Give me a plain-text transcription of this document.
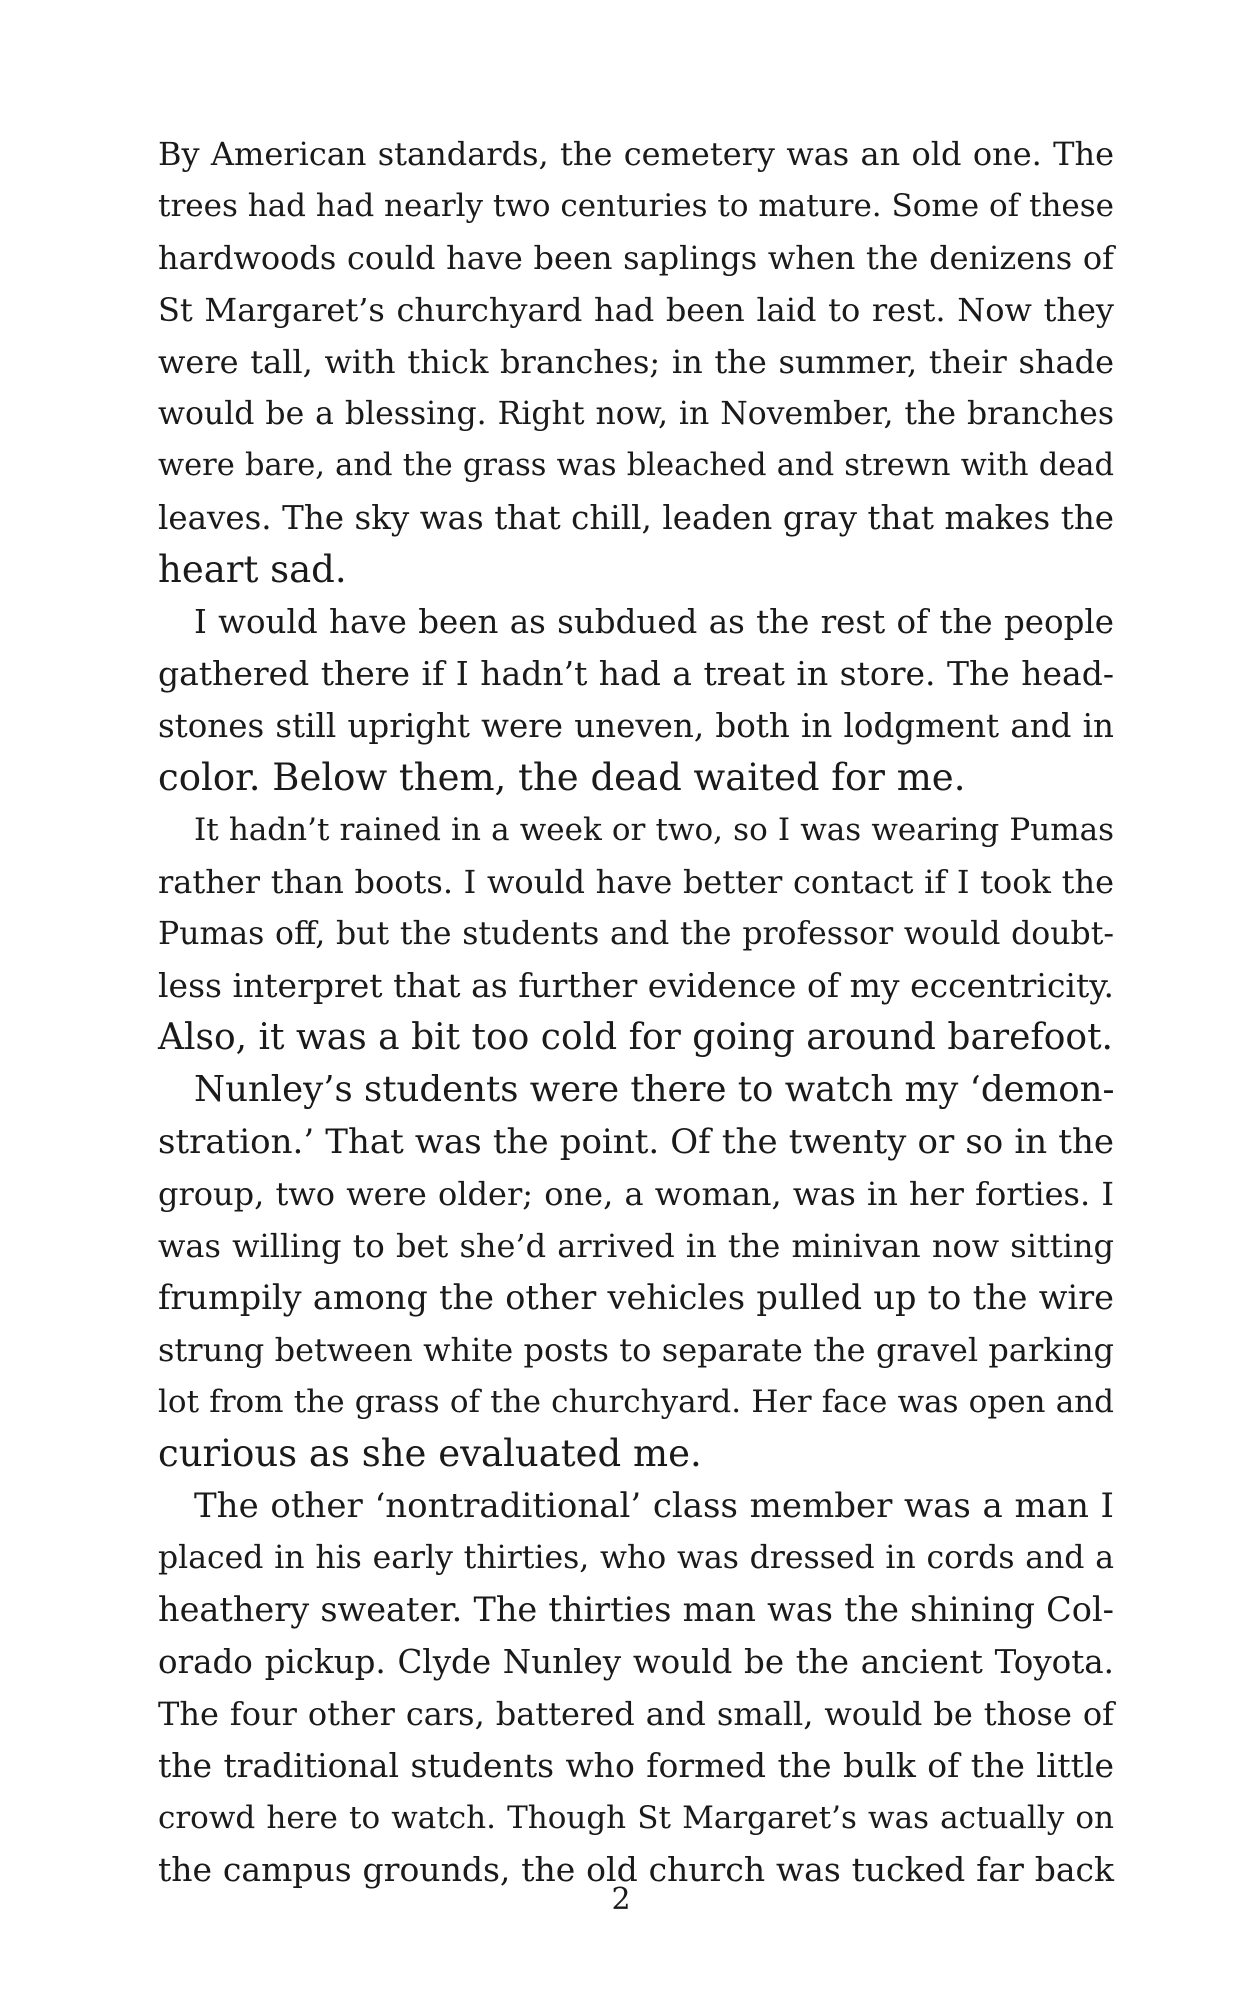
By American standards, the cemetery was an old one. The
trees had had nearly two centuries to mature. Some of these
hardwoods could have been saplings when the denizens of
St Margaret’s churchyard had been laid to rest. Now they
were tall, with thick branches; in the summer, their shade
would be a blessing. Right now, in November, the branches
were bare, and the grass was bleached and strewn with dead
leaves. The sky was that chill, leaden gray that makes the
heart sad.
I would have been as subdued as the rest of the people
gathered there if I hadn’t had a treat in store. The head-
stones still upright were uneven, both in lodgment and in
color. Below them, the dead waited for me.
It hadn’t rained in a week or two, so I was wearing Pumas
rather than boots. I would have better contact if I took the
Pumas off, but the students and the professor would doubt-
less interpret that as further evidence of my eccentricity.
Also, it was a bit too cold for going around barefoot.
Nunley’s students were there to watch my ‘demon-
stration.’ That was the point. Of the twenty or so in the
group, two were older; one, a woman, was in her forties. I
was willing to bet she’d arrived in the minivan now sitting
frumpily among the other vehicles pulled up to the wire
strung between white posts to separate the gravel parking
lot from the grass of the churchyard. Her face was open and
curious as she evaluated me.
The other ‘nontraditional’ class member was a man I
placed in his early thirties, who was dressed in cords and a
heathery sweater. The thirties man was the shining Col-
orado pickup. Clyde Nunley would be the ancient Toyota.
The four other cars, battered and small, would be those of
the traditional students who formed the bulk of the little
crowd here to watch. Though St Margaret’s was actually on
the campus grounds, the old church was tucked far back
2
